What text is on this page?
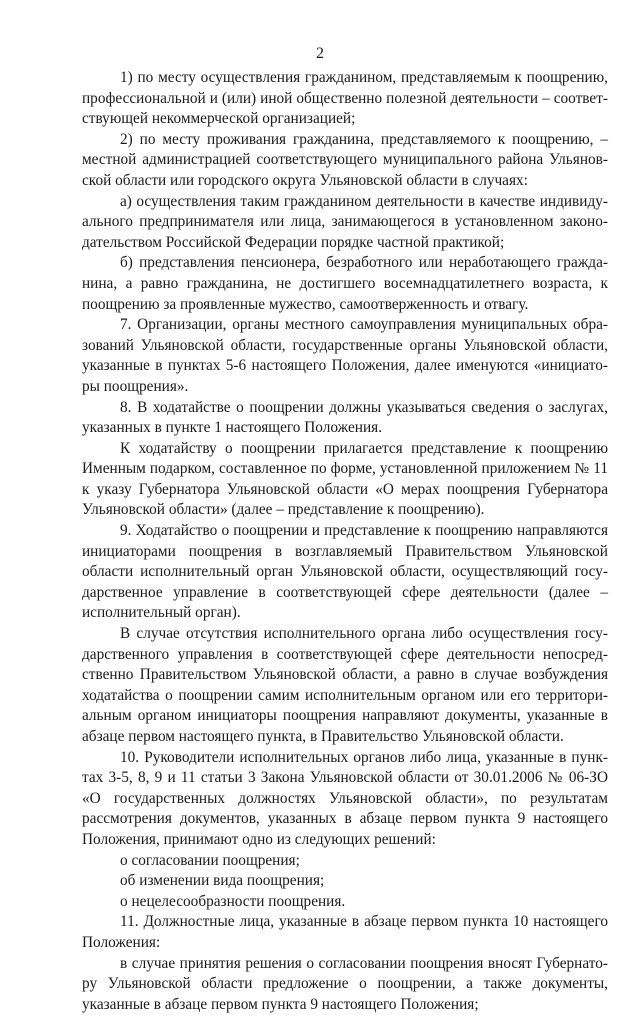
2

1) по месту осуществления гражданином, представляемым к поощрению, профессиональной и (или) иной общественно полезной деятельности – соответствующей некоммерческой организацией;

2) по месту проживания гражданина, представляемого к поощрению, – местной администрацией соответствующего муниципального района Ульяновской области или городского округа Ульяновской области в случаях:

а) осуществления таким гражданином деятельности в качестве индивидуального предпринимателя или лица, занимающегося в установленном законодательством Российской Федерации порядке частной практикой;

б) представления пенсионера, безработного или неработающего гражданина, а равно гражданина, не достигшего восемнадцатилетнего возраста, к поощрению за проявленные мужество, самоотверженность и отвагу.

7. Организации, органы местного самоуправления муниципальных образований Ульяновской области, государственные органы Ульяновской области, указанные в пунктах 5-6 настоящего Положения, далее именуются «инициаторы поощрения».

8. В ходатайстве о поощрении должны указываться сведения о заслугах, указанных в пункте 1 настоящего Положения.

К ходатайству о поощрении прилагается представление к поощрению Именным подарком, составленное по форме, установленной приложением № 11 к указу Губернатора Ульяновской области «О мерах поощрения Губернатора Ульяновской области» (далее – представление к поощрению).

9. Ходатайство о поощрении и представление к поощрению направляются инициаторами поощрения в возглавляемый Правительством Ульяновской области исполнительный орган Ульяновской области, осуществляющий государственное управление в соответствующей сфере деятельности (далее – исполнительный орган).

В случае отсутствия исполнительного органа либо осуществления государственного управления в соответствующей сфере деятельности непосредственно Правительством Ульяновской области, а равно в случае возбуждения ходатайства о поощрении самим исполнительным органом или его территориальным органом инициаторы поощрения направляют документы, указанные в абзаце первом настоящего пункта, в Правительство Ульяновской области.

10. Руководители исполнительных органов либо лица, указанные в пунктах 3-5, 8, 9 и 11 статьи 3 Закона Ульяновской области от 30.01.2006 № 06-ЗО «О государственных должностях Ульяновской области», по результатам рассмотрения документов, указанных в абзаце первом пункта 9 настоящего Положения, принимают одно из следующих решений:

о согласовании поощрения;

об изменении вида поощрения;

о нецелесообразности поощрения.

11. Должностные лица, указанные в абзаце первом пункта 10 настоящего Положения:

в случае принятия решения о согласовании поощрения вносят Губернатору Ульяновской области предложение о поощрении, а также документы, указанные в абзаце первом пункта 9 настоящего Положения;
